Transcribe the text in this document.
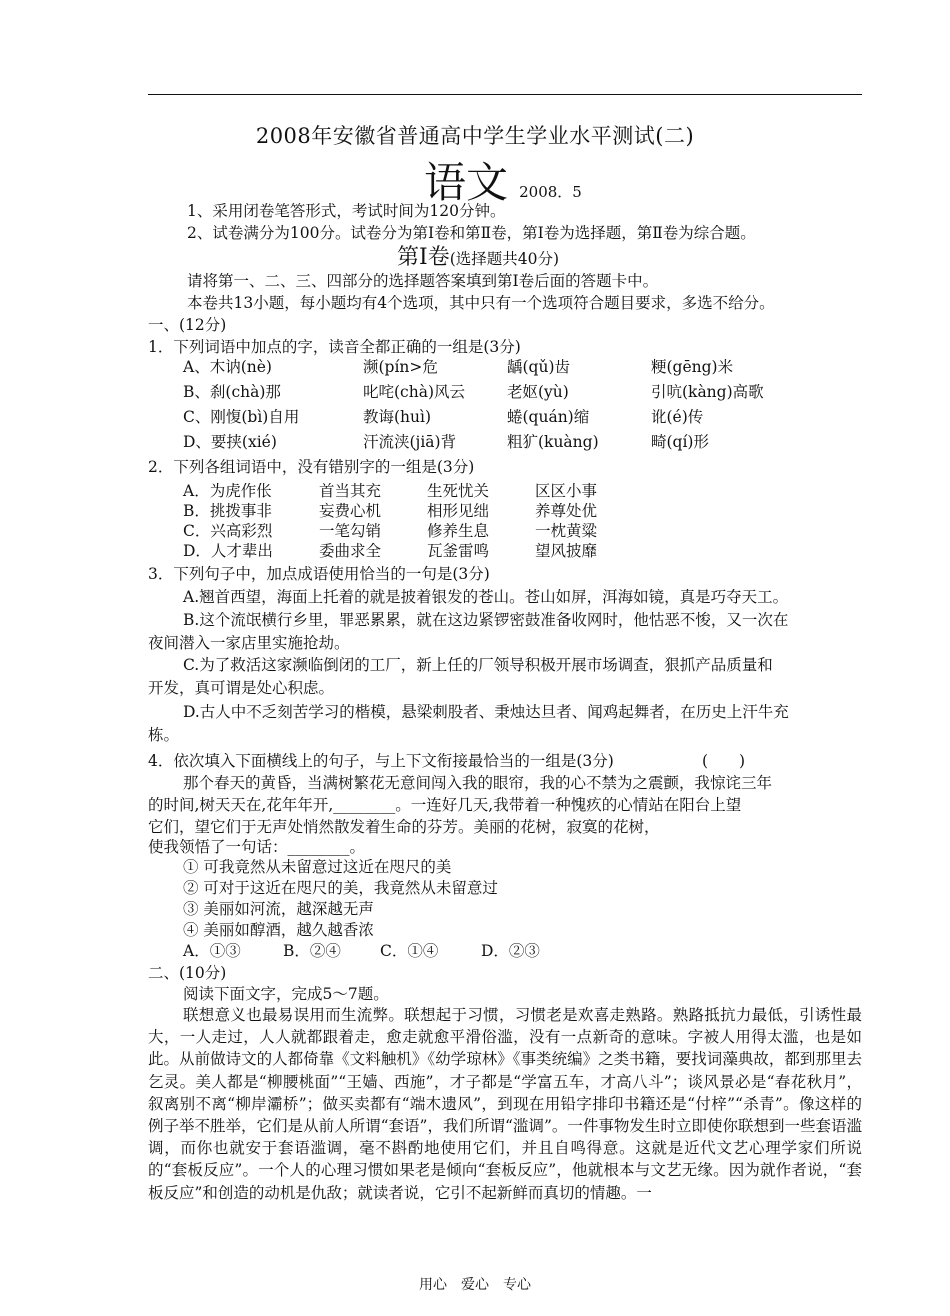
2008年安徽省普通高中学生学业水平测试(二)
语文 2008．5
1、采用闭卷笔答形式，考试时间为120分钟。
2、试卷满分为100分。试卷分为第Ⅰ卷和第Ⅱ卷，第Ⅰ卷为选择题，第Ⅱ卷为综合题。
第Ⅰ卷(选择题共40分)
请将第一、二、三、四部分的选择题答案填到第Ⅰ卷后面的答题卡中。
本卷共13小题，每小题均有4个选项，其中只有一个选项符合题目要求，多选不给分。
一、(12分)
1．下列词语中加点的字，读音全都正确的一组是(3分)
A、木讷(nè)	濒(pín>危	龋(qǔ)齿	粳(gēng)米
B、刹(chà)那	叱咤(chà)风云	老妪(yù)	引吭(kàng)高歌
C、刚愎(bì)自用	教诲(huì)	蜷(quán)缩	讹(é)传
D、要挟(xié)	汗流浃(jiā)背	粗犷(kuàng)	畸(qí)形
2．下列各组词语中，没有错别字的一组是(3分)
A．为虎作伥	首当其充	生死忧关	区区小事
B．挑拨事非	妄费心机	相形见绌	养尊处优
C．兴高彩烈	一笔勾销	修养生息	一枕黄粱
D．人才辈出	委曲求全	瓦釜雷鸣	望风披靡
3．下列句子中，加点成语使用恰当的一句是(3分)
A.翘首西望，海面上托着的就是披着银发的苍山。苍山如屏，洱海如镜，真是巧夺天工。
B.这个流氓横行乡里，罪恶累累，就在这边紧锣密鼓准备收网时，他怙恶不悛，又一次在
夜间潜入一家店里实施抢劫。
C.为了救活这家濒临倒闭的工厂，新上任的厂领导积极开展市场调查，狠抓产品质量和
开发，真可谓是处心积虑。
D.古人中不乏刻苦学习的楷模，悬梁刺股者、秉烛达旦者、闻鸡起舞者，在历史上汗牛充
栋。
4．依次填入下面横线上的句子，与上下文衔接最恰当的一组是(3分)	(　　)
那个春天的黄昏，当满树繁花无意间闯入我的眼帘，我的心不禁为之震颤，我惊诧三年
的时间,树天天在,花年年开,________。一连好几天,我带着一种愧疚的心情站在阳台上望
它们，望它们于无声处悄然散发着生命的芬芳。美丽的花树，寂寞的花树，
使我领悟了一句话：________。
① 可我竟然从未留意过这近在咫尺的美
② 可对于这近在咫尺的美，我竟然从未留意过
③ 美丽如河流，越深越无声
④ 美丽如醇酒，越久越香浓
A．①③	B．②④	C．①④	D．②③
二、(10分)
阅读下面文字，完成5～7题。
联想意义也最易误用而生流弊。联想起于习惯，习惯老是欢喜走熟路。熟路抵抗力最低，引诱性最大，一人走过，人人就都跟着走，愈走就愈平滑俗滥，没有一点新奇的意味。字被人用得太滥，也是如此。从前做诗文的人都倚靠《文料触机》《幼学琼林》《事类统编》之类书籍，要找词藻典故，都到那里去乞灵。美人都是“柳腰桃面”“王嫱、西施”，才子都是“学富五车，才高八斗”；谈风景必是“春花秋月”，叙离别不离“柳岸灞桥”；做买卖都有“端木遗风”，到现在用铅字排印书籍还是“付梓”“杀青”。像这样的例子举不胜举，它们是从前人所谓“套语”，我们所谓“滥调”。一件事物发生时立即使你联想到一些套语滥调，而你也就安于套语滥调，毫不斟酌地使用它们，并且自鸣得意。这就是近代文艺心理学家们所说的“套板反应”。一个人的心理习惯如果老是倾向“套板反应”，他就根本与文艺无缘。因为就作者说，“套板反应”和创造的动机是仇敌；就读者说，它引不起新鲜而真切的情趣。一
用心　爱心　专心
